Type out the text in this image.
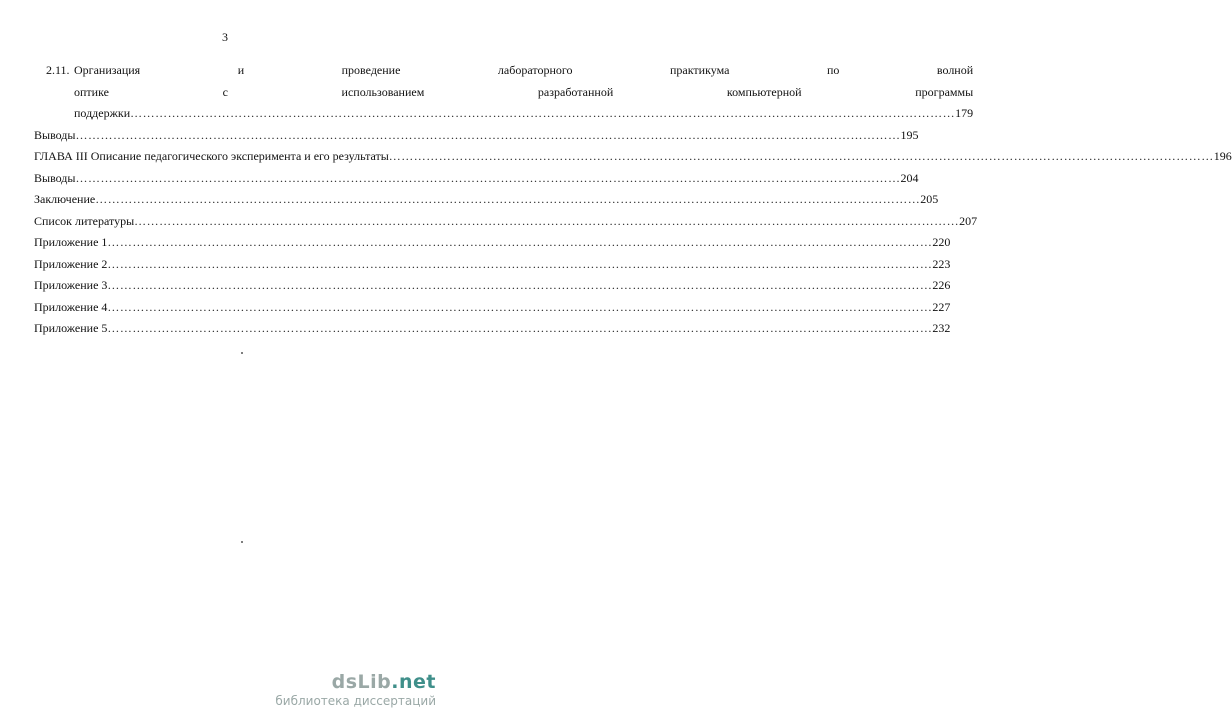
3
2.11. Организация и проведение лабораторного практикума по волной
оптике с использованием разработанной компьютерной программы
поддержки ………………………………………………………………………………………………………………………………………………………………………………	179
Выводы ………………………………………………………………………………………………………………………………………………………………………………	195
ГЛАВА III Описание педагогического эксперимента и его результаты ………………………………………………………………………………………………………………………………………………………………………………	196
Выводы ………………………………………………………………………………………………………………………………………………………………………………	204
Заключение ………………………………………………………………………………………………………………………………………………………………………………	205
Список литературы ………………………………………………………………………………………………………………………………………………………………………………	207
Приложение 1 ………………………………………………………………………………………………………………………………………………………………………………	220
Приложение 2 ………………………………………………………………………………………………………………………………………………………………………………	223
Приложение 3 ………………………………………………………………………………………………………………………………………………………………………………	226
Приложение 4 ………………………………………………………………………………………………………………………………………………………………………………	227
Приложение 5 ………………………………………………………………………………………………………………………………………………………………………………	232
dsLib.net
библиотека диссертаций
